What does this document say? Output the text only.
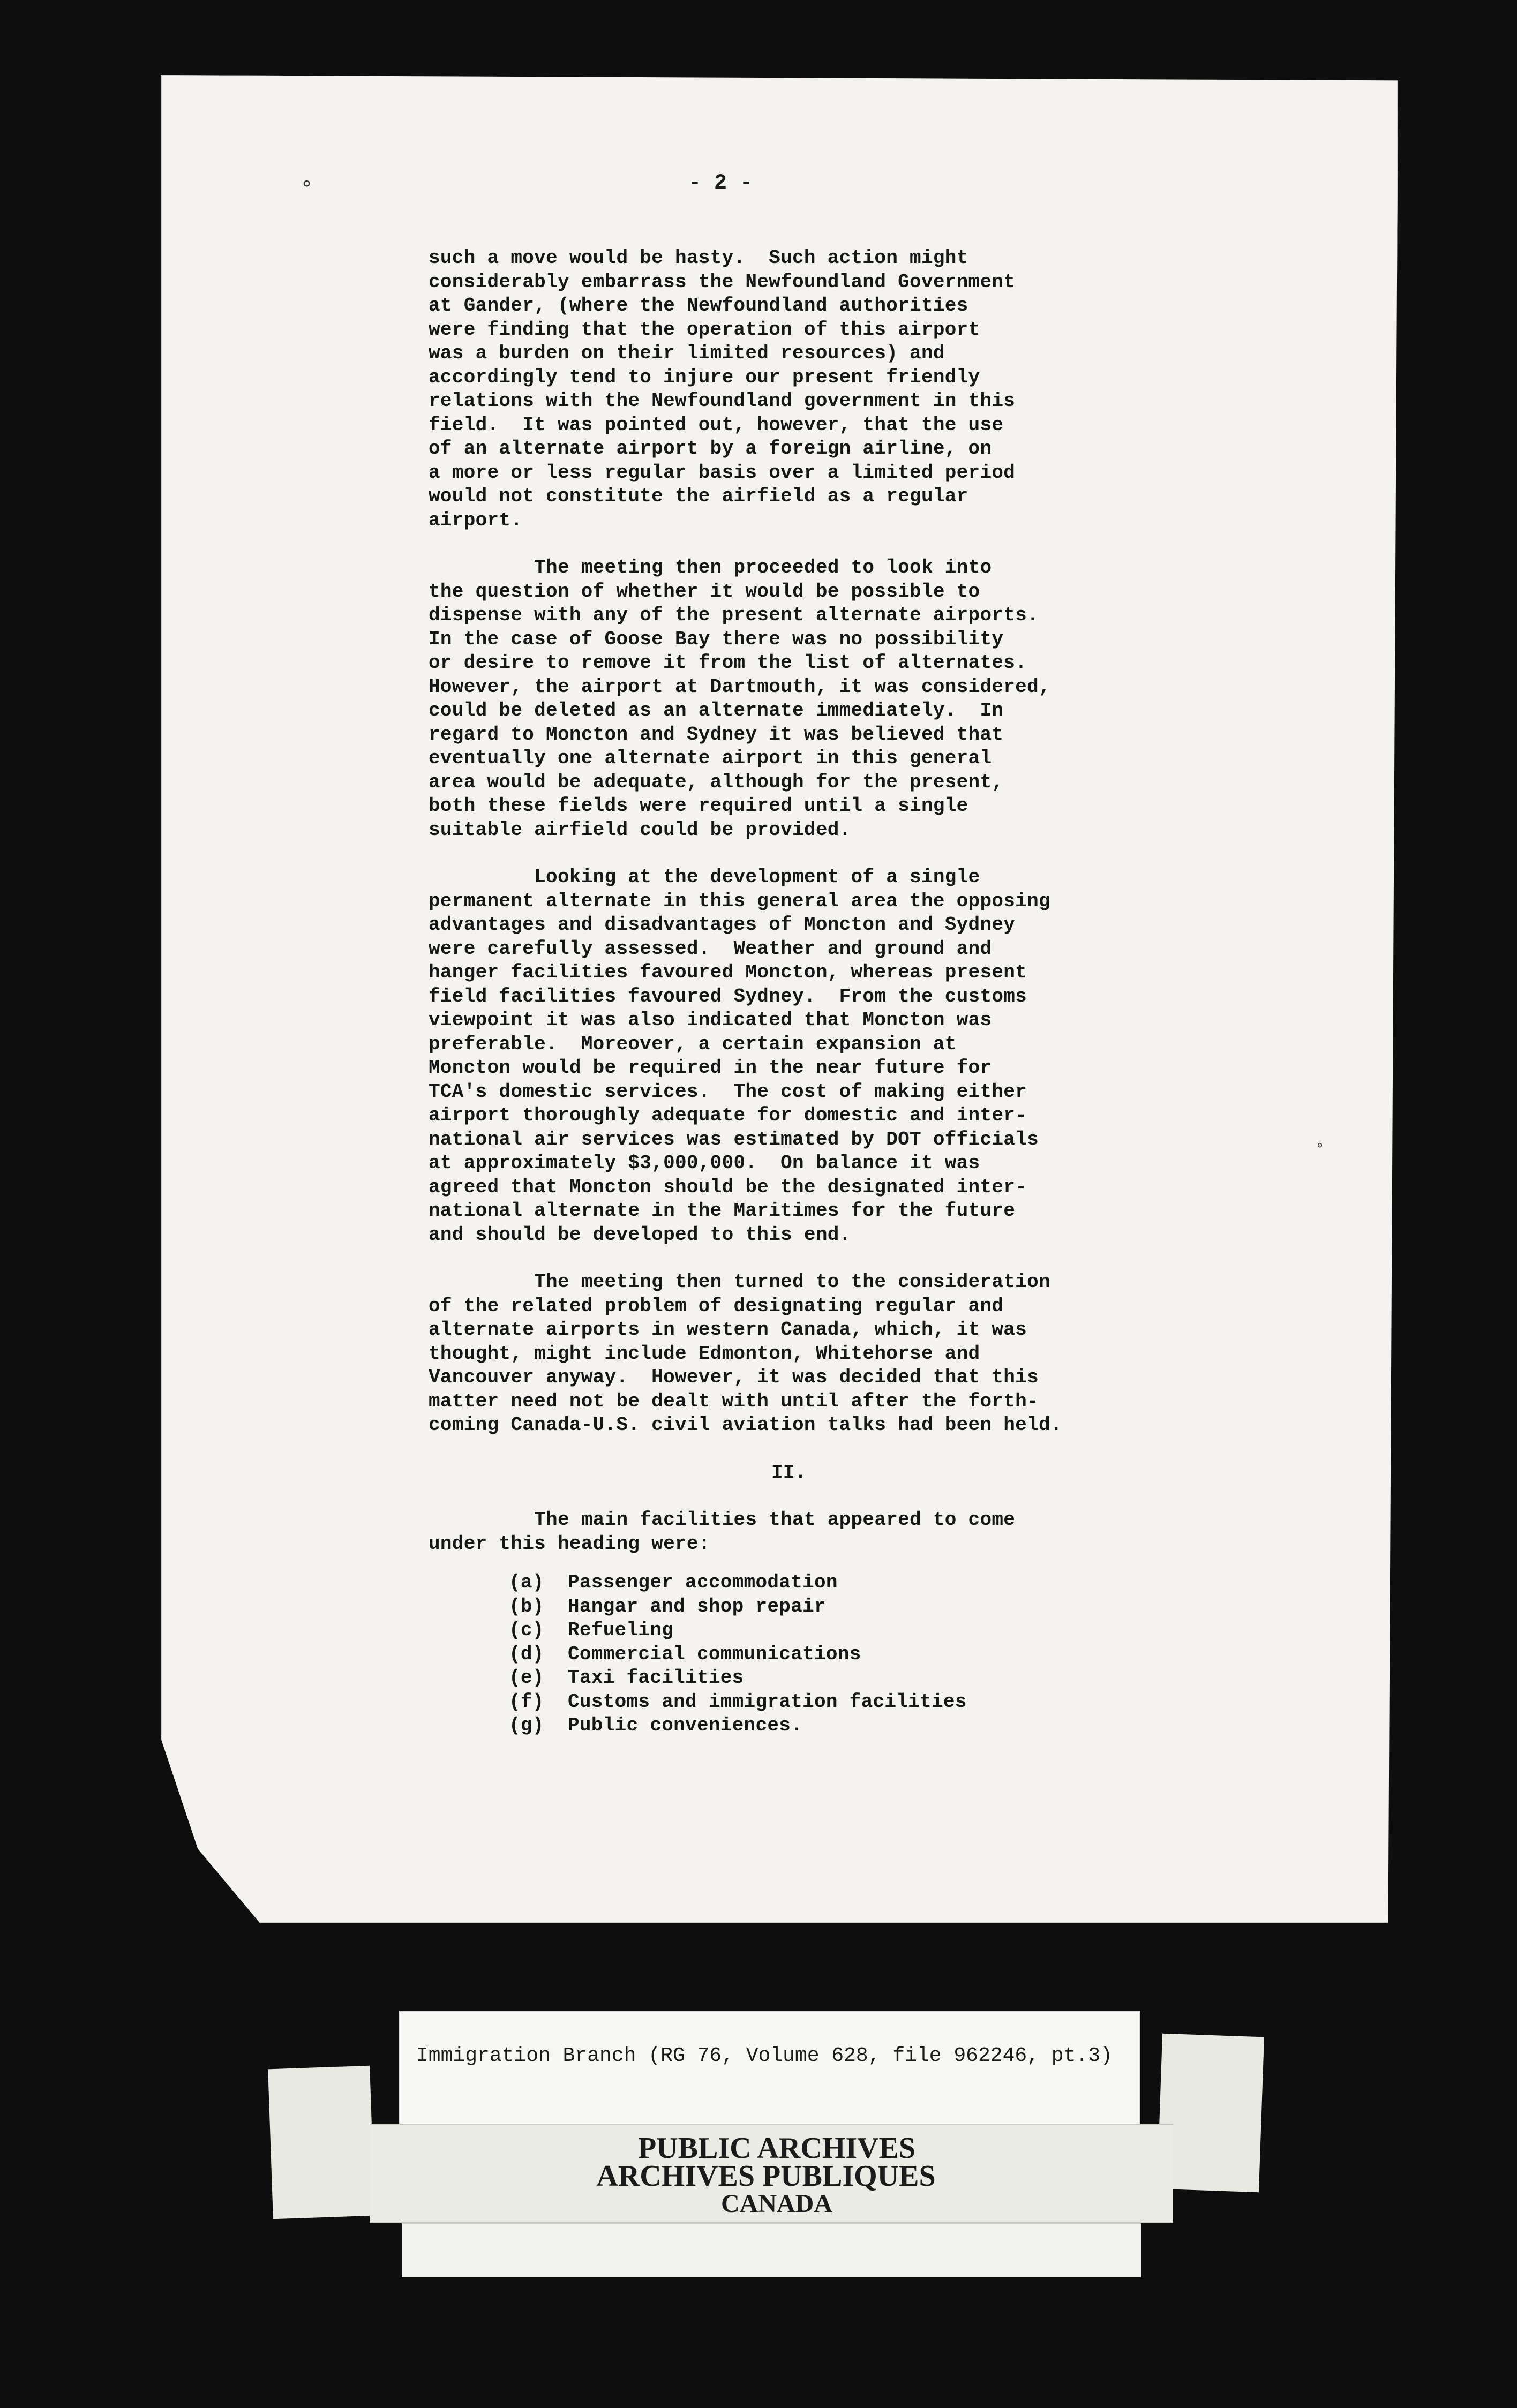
°
°
- 2 -

such a move would be hasty.  Such action might
considerably embarrass the Newfoundland Government
at Gander, (where the Newfoundland authorities
were finding that the operation of this airport
was a burden on their limited resources) and
accordingly tend to injure our present friendly
relations with the Newfoundland government in this
field.  It was pointed out, however, that the use
of an alternate airport by a foreign airline, on
a more or less regular basis over a limited period
would not constitute the airfield as a regular
airport.

The meeting then proceeded to look into
the question of whether it would be possible to
dispense with any of the present alternate airports.
In the case of Goose Bay there was no possibility
or desire to remove it from the list of alternates.
However, the airport at Dartmouth, it was considered,
could be deleted as an alternate immediately.  In
regard to Moncton and Sydney it was believed that
eventually one alternate airport in this general
area would be adequate, although for the present,
both these fields were required until a single
suitable airfield could be provided.

Looking at the development of a single
permanent alternate in this general area the opposing
advantages and disadvantages of Moncton and Sydney
were carefully assessed.  Weather and ground and
hanger facilities favoured Moncton, whereas present
field facilities favoured Sydney.  From the customs
viewpoint it was also indicated that Moncton was
preferable.  Moreover, a certain expansion at
Moncton would be required in the near future for
TCA's domestic services.  The cost of making either
airport thoroughly adequate for domestic and inter-
national air services was estimated by DOT officials
at approximately $3,000,000.  On balance it was
agreed that Moncton should be the designated inter-
national alternate in the Maritimes for the future
and should be developed to this end.

The meeting then turned to the consideration
of the related problem of designating regular and
alternate airports in western Canada, which, it was
thought, might include Edmonton, Whitehorse and
Vancouver anyway.  However, it was decided that this
matter need not be dealt with until after the forth-
coming Canada-U.S. civil aviation talks had been held.

II.

The main facilities that appeared to come
under this heading were:

(a)	Passenger accommodation
(b)	Hangar and shop repair
(c)	Refueling
(d)	Commercial communications
(e)	Taxi facilities
(f)	Customs and immigration facilities
(g)	Public conveniences.
Immigration Branch (RG 76, Volume 628, file 962246, pt.3)
PUBLIC ARCHIVES
ARCHIVES PUBLIQUES
CANADA
